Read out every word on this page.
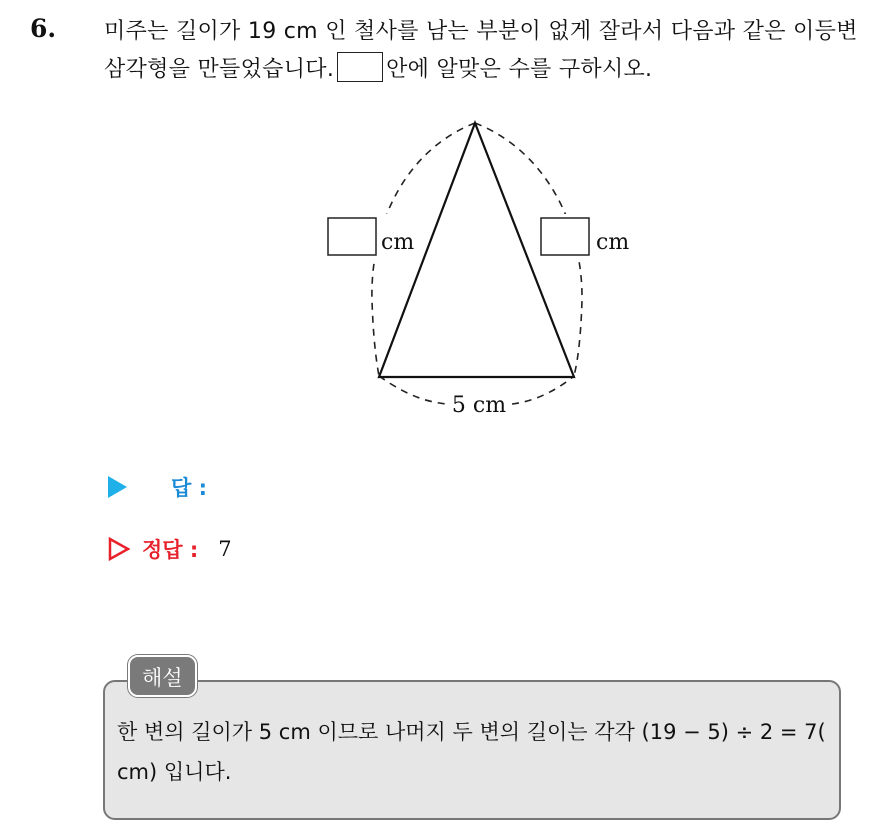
6. 미주는 길이가 19 cm 인 철사를 남는 부분이 없게 잘라서 다음과 같은 이등변삼각형을 만들었습니다. 안에 알맞은 수를 구하시오.
cm	cm
5 cm
답 :
정답 : 7
해설
한 변의 길이가 5 cm 이므로 나머지 두 변의 길이는 각각 (19 − 5) ÷ 2 = 7( cm) 입니다.
